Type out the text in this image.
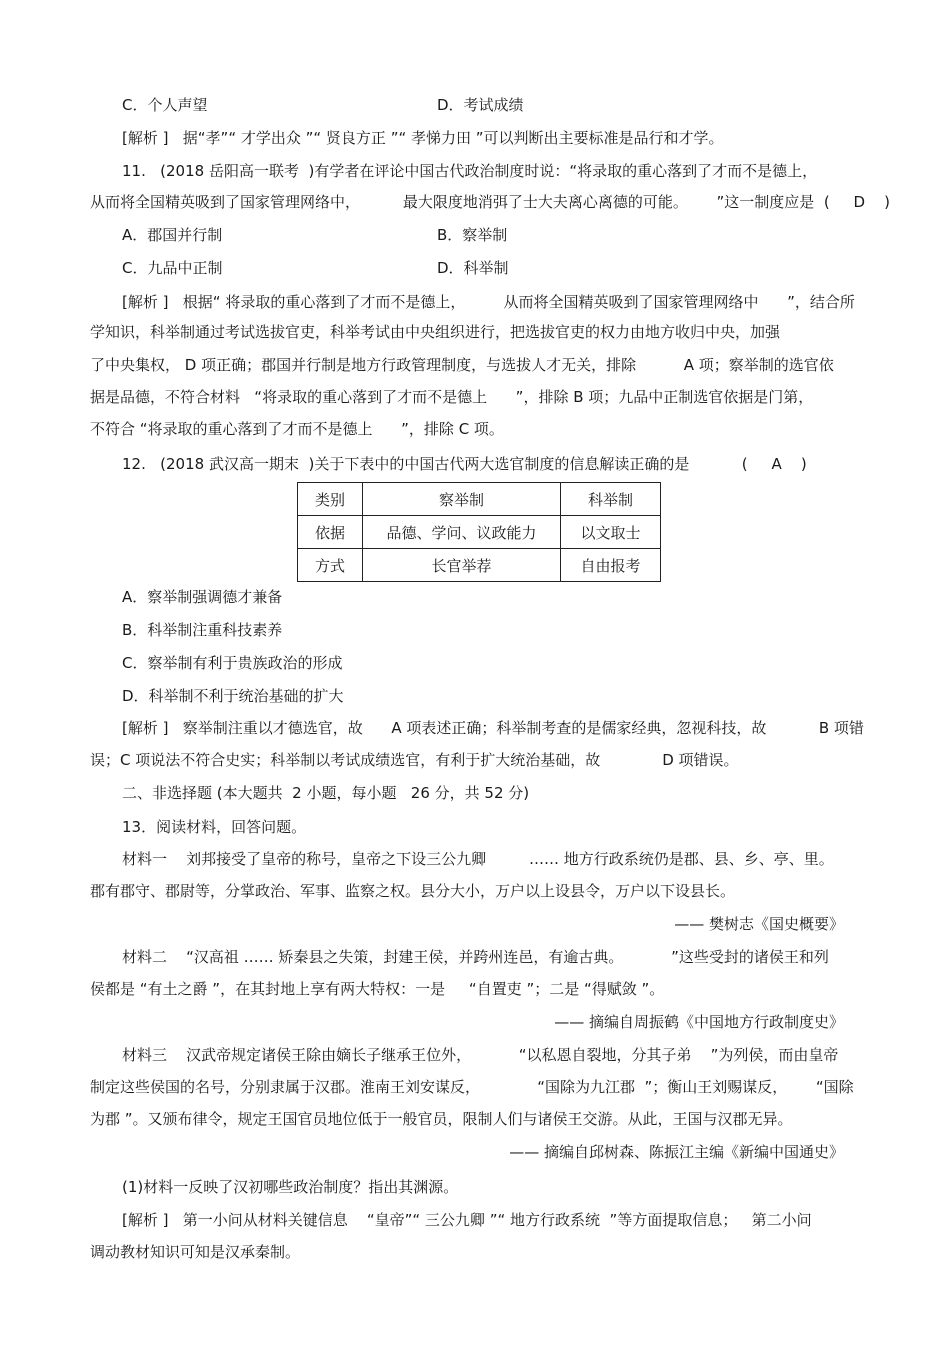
C．个人声望	D．考试成绩
[解析 ]   据“孝”“ 才学出众 ”“ 贤良方正 ”“ 孝悌力田 ”可以判断出主要标准是品行和才学。
11.   (2018 岳阳高一联考  )有学者在评论中国古代政治制度时说：“将录取的重心落到了才而不是德上，
从而将全国精英吸到了国家管理网络中，         最大限度地消弭了士大夫离心离德的可能。      ”这一制度应是  (     D    )
A．郡国并行制	B．察举制
C．九品中正制	D．科举制
[解析 ]   根据“ 将录取的重心落到了才而不是德上，        从而将全国精英吸到了国家管理网络中      ”，结合所
学知识，科举制通过考试选拔官吏，科举考试由中央组织进行，把选拔官吏的权力由地方收归中央，加强
了中央集权， D 项正确；郡国并行制是地方行政管理制度，与选拔人才无关，排除          A 项；察举制的选官依
据是品德，不符合材料   “将录取的重心落到了才而不是德上      ”，排除 B 项；九品中正制选官依据是门第，
不符合 “将录取的重心落到了才而不是德上      ”，排除 C 项。
12.   (2018 武汉高一期末  )关于下表中的中国古代两大选官制度的信息解读正确的是           (     A    )
类别	察举制	科举制
依据	品德、学问、议政能力	以文取士
方式	长官举荐	自由报考
A．察举制强调德才兼备
B．科举制注重科技素养
C．察举制有利于贵族政治的形成
D．科举制不利于统治基础的扩大
[解析 ]   察举制注重以才德选官，故      A 项表述正确；科举制考查的是儒家经典，忽视科技，故           B 项错
误；C 项说法不符合史实；科举制以考试成绩选官，有利于扩大统治基础，故             D 项错误。
二、非选择题 (本大题共  2 小题，每小题   26 分，共 52 分)
13．阅读材料，回答问题。
材料一    刘邦接受了皇帝的称号，皇帝之下设三公九卿         …… 地方行政系统仍是郡、县、乡、亭、里。
郡有郡守、郡尉等，分掌政治、军事、监察之权。县分大小，万户以上设县令，万户以下设县长。
—— 樊树志《国史概要》
材料二    “汉高祖 …… 矫秦县之失策，封建王侯，并跨州连邑，有逾古典。          ”这些受封的诸侯王和列
侯都是 “有土之爵 ”，在其封地上享有两大特权：一是     “自置吏 ”；二是 “得赋敛 ”。
—— 摘编自周振鹤《中国地方行政制度史》
材料三    汉武帝规定诸侯王除由嫡长子继承王位外，          “以私恩自裂地，分其子弟    ”为列侯，而由皇帝
制定这些侯国的名号，分别隶属于汉郡。淮南王刘安谋反，            “国除为九江郡  ”；衡山王刘赐谋反，      “国除
为郡 ”。又颁布律令，规定王国官员地位低于一般官员，限制人们与诸侯王交游。从此，王国与汉郡无异。
—— 摘编自邱树森、陈振江主编《新编中国通史》
(1)材料一反映了汉初哪些政治制度？指出其渊源。
[解析 ]   第一小问从材料关键信息    “皇帝”“ 三公九卿 ”“ 地方行政系统  ”等方面提取信息；   第二小问
调动教材知识可知是汉承秦制。
